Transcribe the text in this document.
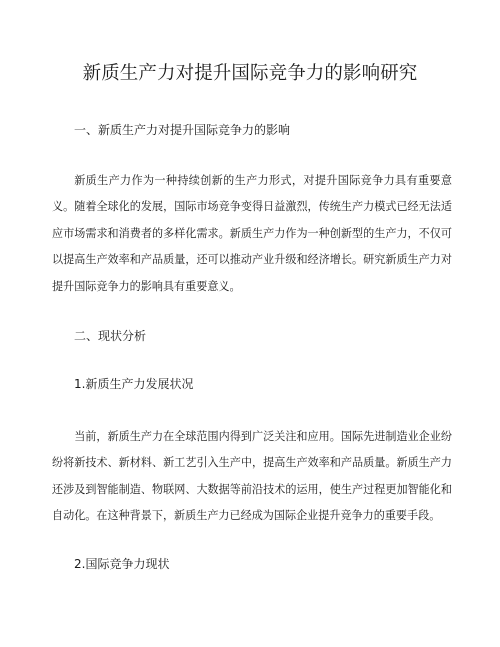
新质生产力对提升国际竞争力的影响研究
一、新质生产力对提升国际竞争力的影响

新质生产力作为一种持续创新的生产力形式，对提升国际竞争力具有重要意义。随着全球化的发展，国际市场竞争变得日益激烈，传统生产力模式已经无法适应市场需求和消费者的多样化需求。新质生产力作为一种创新型的生产力，不仅可以提高生产效率和产品质量，还可以推动产业升级和经济增长。研究新质生产力对提升国际竞争力的影响具有重要意义。

二、现状分析
1.新质生产力发展状况

当前，新质生产力在全球范围内得到广泛关注和应用。国际先进制造业企业纷纷将新技术、新材料、新工艺引入生产中，提高生产效率和产品质量。新质生产力还涉及到智能制造、物联网、大数据等前沿技术的运用，使生产过程更加智能化和自动化。在这种背景下，新质生产力已经成为国际企业提升竞争力的重要手段。

2.国际竞争力现状
